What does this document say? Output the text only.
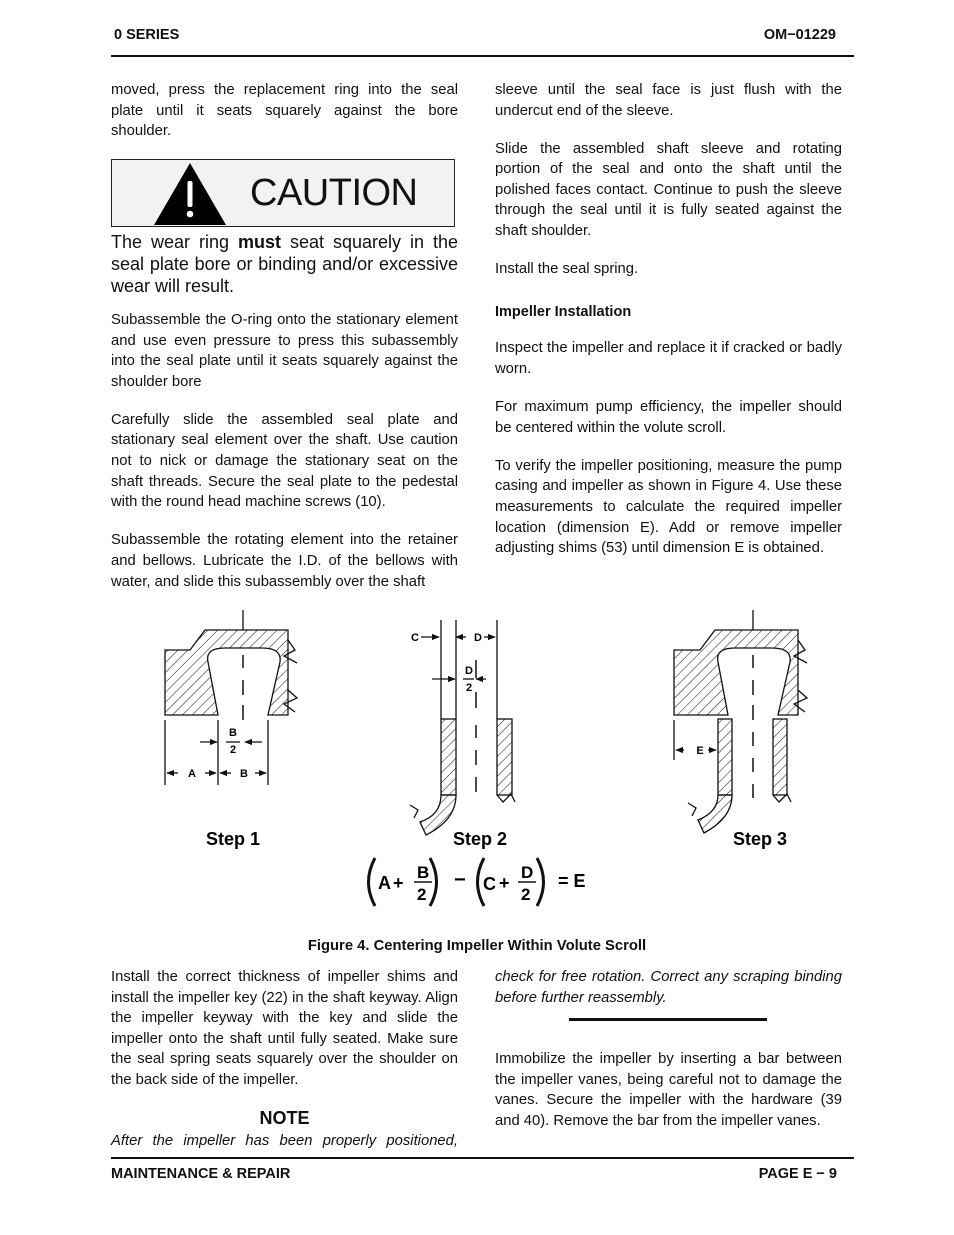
0 SERIES	OM−01229

moved, press the replacement ring into the seal plate until it seats squarely against the bore shoulder.

CAUTION
The wear ring must seat squarely in the seal plate bore or binding and/or excessive wear will result.

Subassemble the O-ring onto the stationary element and use even pressure to press this subassembly into the seal plate until it seats squarely against the shoulder bore

Carefully slide the assembled seal plate and stationary seal element over the shaft. Use caution not to nick or damage the stationary seat on the shaft threads. Secure the seal plate to the pedestal with the round head machine screws (10).

Subassemble the rotating element into the retainer and bellows. Lubricate the I.D. of the bellows with water, and slide this subassembly over the shaft

sleeve until the seal face is just flush with the undercut end of the sleeve.

Slide the assembled shaft sleeve and rotating portion of the seal and onto the shaft until the polished faces contact. Continue to push the sleeve through the seal until it is fully seated against the shaft shoulder.

Install the seal spring.

Impeller Installation

Inspect the impeller and replace it if cracked or badly worn.

For maximum pump efficiency, the impeller should be centered within the volute scroll.

To verify the impeller positioning, measure the pump casing and impeller as shown in Figure 4. Use these measurements to calculate the required impeller location (dimension E). Add or remove impeller adjusting shims (53) until dimension E is obtained.

B
2
A	B
C	D
D
2
E
Step 1	Step 2	Step 3
A +
B
2
− C +
D
2
= E
Figure 4. Centering Impeller Within Volute Scroll

Install the correct thickness of impeller shims and install the impeller key (22) in the shaft keyway. Align the impeller keyway with the key and slide the impeller onto the shaft until fully seated. Make sure the seal spring seats squarely over the shoulder on the back side of the impeller.

NOTE
After the impeller has been properly positioned,
check for free rotation. Correct any scraping binding before further reassembly.

Immobilize the impeller by inserting a bar between the impeller vanes, being careful not to damage the vanes. Secure the impeller with the hardware (39 and 40). Remove the bar from the impeller vanes.

MAINTENANCE & REPAIR	PAGE E − 9
